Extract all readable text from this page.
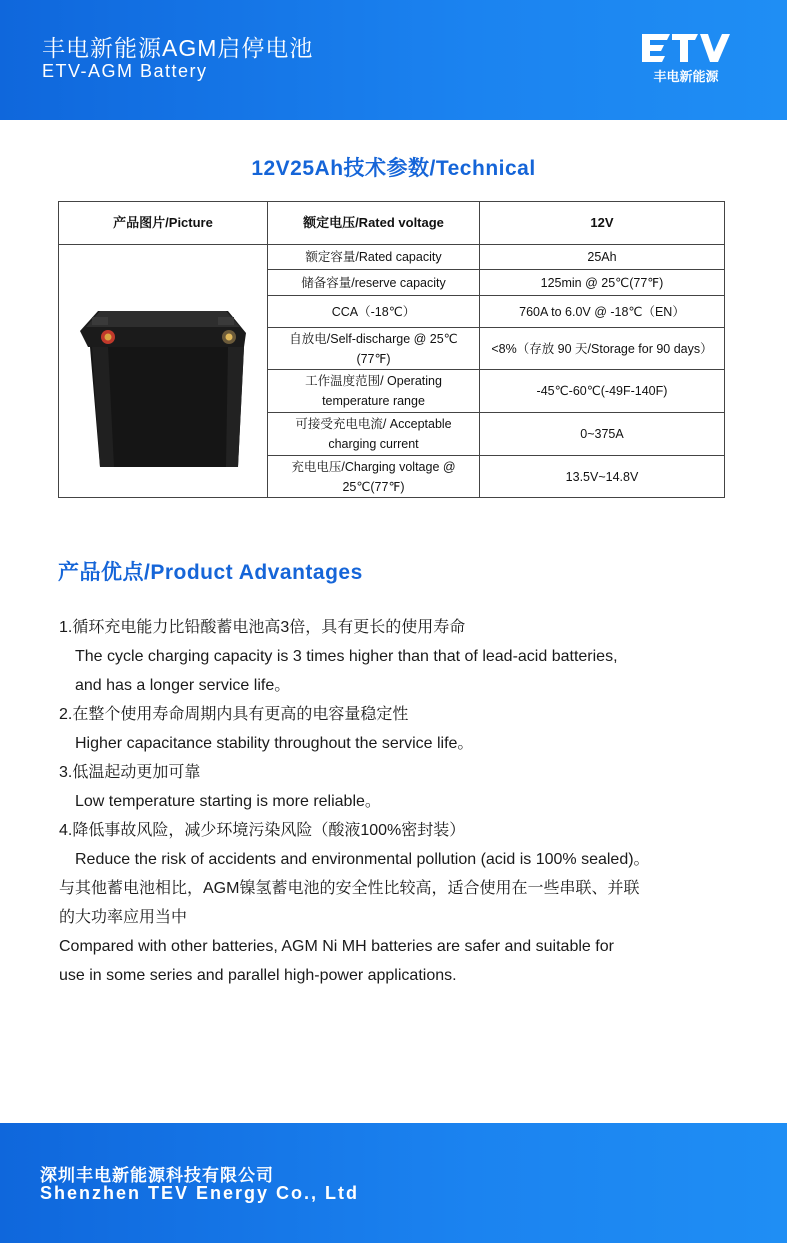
丰电新能源AGM启停电池
ETV-AGM Battery	丰电新能源
12V25Ah技术参数/Technical
产品图片/Picture	额定电压/Rated voltage	12V

	额定容量/Rated capacity	25Ah
	储备容量/reserve capacity	125min @ 25℃(77℉)
	CCA（-18℃）	760A to 6.0V @ -18℃（EN）
	自放电/Self-discharge @ 25℃ (77℉)	<8%（存放 90 天/Storage for 90 days）
	工作温度范围/ Operating temperature range	-45℃-60℃(-49F-140F)
	可接受充电电流/ Acceptable charging current	0~375A
	充电电压/Charging voltage @ 25℃(77℉)	13.5V~14.8V
产品优点/Product Advantages
1.循环充电能力比铅酸蓄电池高3倍，具有更长的使用寿命
The cycle charging capacity is 3 times higher than that of lead-acid batteries,
and has a longer service life。
2.在整个使用寿命周期内具有更高的电容量稳定性
Higher capacitance stability throughout the service life。
3.低温起动更加可靠
Low temperature starting is more reliable。
4.降低事故风险，减少环境污染风险（酸液100%密封装）
Reduce the risk of accidents and environmental pollution (acid is 100% sealed)。
与其他蓄电池相比，AGM镍氢蓄电池的安全性比较高，适合使用在一些串联、并联
的大功率应用当中
Compared with other batteries, AGM Ni MH batteries are safer and suitable for
use in some series and parallel high-power applications.
深圳丰电新能源科技有限公司
Shenzhen TEV Energy Co., Ltd
